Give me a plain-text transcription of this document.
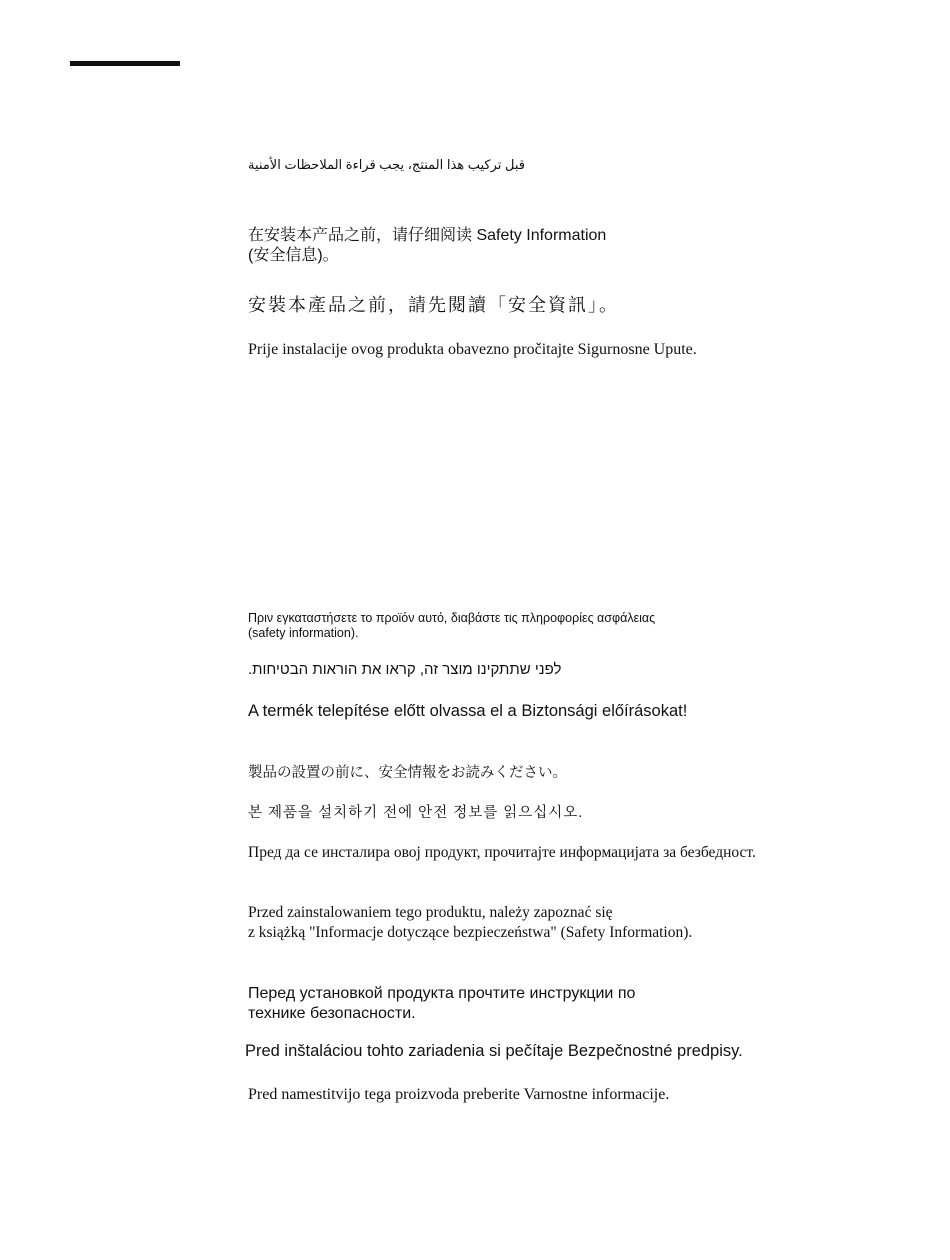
قبل تركيب هذا المنتج، يجب قراءة الملاحظات الأمنية

在安装本产品之前，请仔细阅读 Safety Information
(安全信息)。

安裝本產品之前，請先閱讀「安全資訊」。

Prije instalacije ovog produkta obavezno pročitajte Sigurnosne Upute.

Πριν εγκαταστήσετε το προϊόν αυτό, διαβάστε τις πληροφορίες ασφάλειας
(safety information).

לפני שתתקינו מוצר זה, קראו את הוראות הבטיחות.

A termék telepítése előtt olvassa el a Biztonsági előírásokat!

製品の設置の前に、安全情報をお読みください。

본 제품을 설치하기 전에 안전 정보를 읽으십시오.

Пред да се инсталира овој продукт, прочитајте информацијата за безбедност.

Przed zainstalowaniem tego produktu, należy zapoznać się
z książką "Informacje dotyczące bezpieczeństwa" (Safety Information).
Перед установкой продукта прочтите инструкции по
технике безопасности.

Pred inštaláciou tohto zariadenia si pečítaje Bezpečnostné predpisy.

Pred namestitvijo tega proizvoda preberite Varnostne informacije.
